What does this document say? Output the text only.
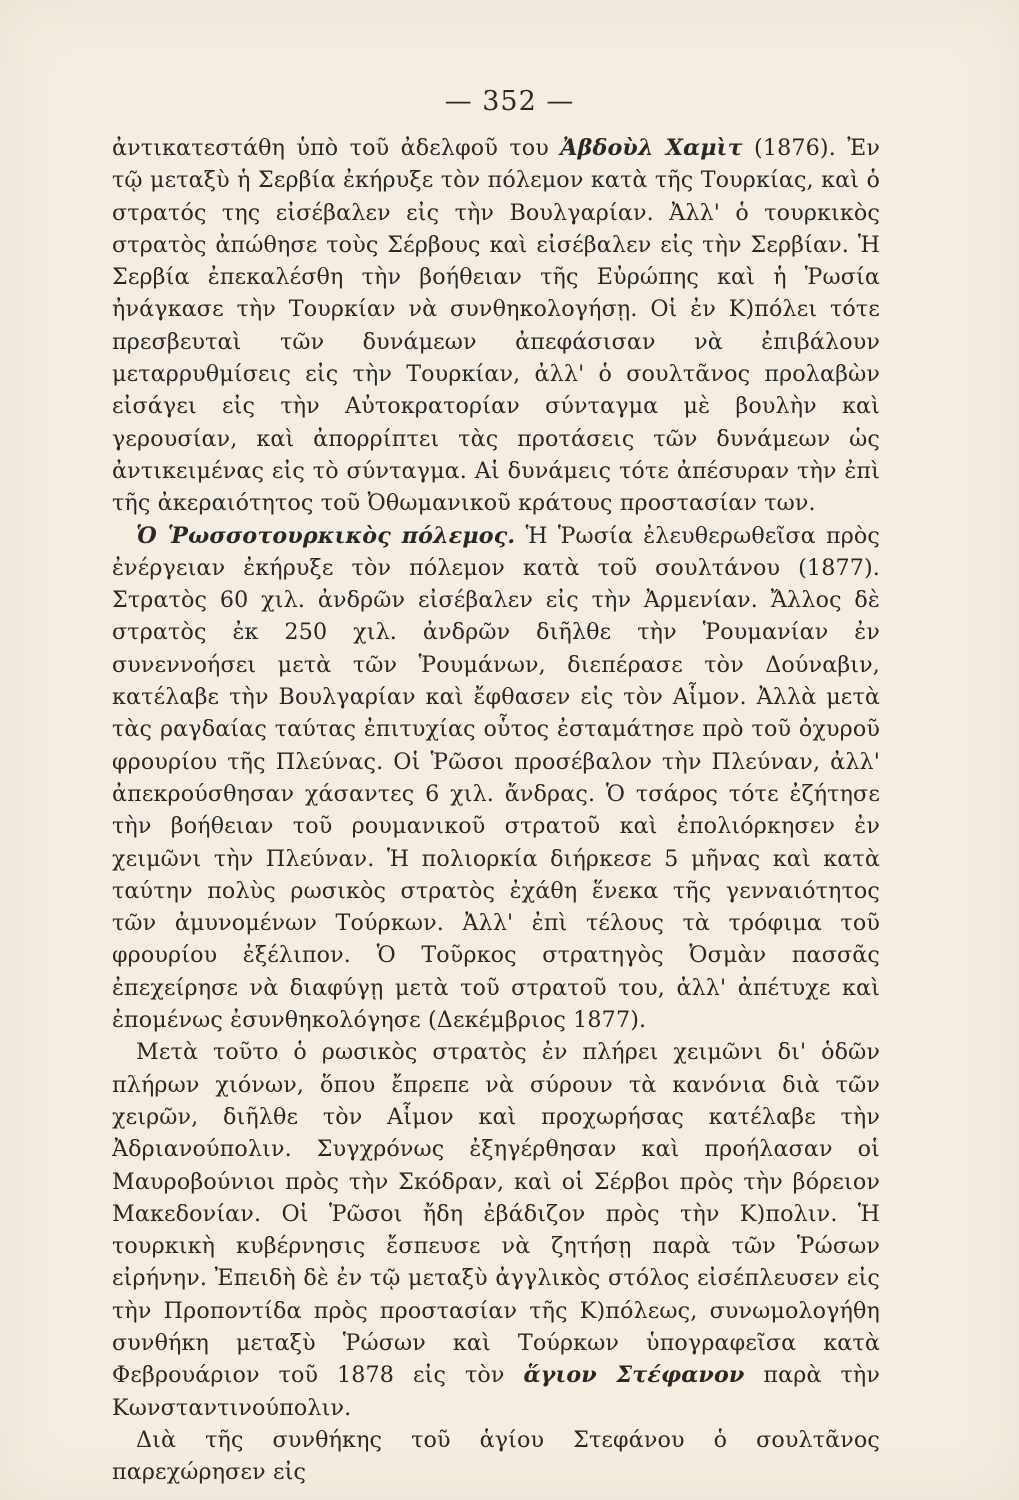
— 352 —

ἀντικατεστάθη ὑπὸ τοῦ ἀδελφοῦ του Ἀβδοὺλ Χαμὶτ (1876). Ἐν τῷ μεταξὺ ἡ Σερβία ἐκήρυξε τὸν πόλεμον κατὰ τῆς Τουρκίας, καὶ ὁ στρατός της εἰσέβαλεν εἰς τὴν Βουλγαρίαν. Ἀλλ' ὁ τουρκικὸς στρατὸς ἀπώθησε τοὺς Σέρβους καὶ εἰσέβαλεν εἰς τὴν Σερβίαν. Ἡ Σερβία ἐπεκαλέσθη τὴν βοήθειαν τῆς Εὐρώπης καὶ ἡ Ῥωσία ἠνάγκασε τὴν Τουρκίαν νὰ συνθηκολογήσῃ. Οἱ ἐν Κ)πόλει τότε πρεσβευταὶ τῶν δυνάμεων ἀπεφάσισαν νὰ ἐπιβάλουν μεταρρυθμίσεις εἰς τὴν Τουρκίαν, ἀλλ' ὁ σουλτᾶνος προλαβὼν εἰσάγει εἰς τὴν Αὐτοκρατορίαν σύνταγμα μὲ βουλὴν καὶ γερουσίαν, καὶ ἀπορρίπτει τὰς προτάσεις τῶν δυνάμεων ὡς ἀντικειμένας εἰς τὸ σύνταγμα. Αἱ δυνάμεις τότε ἀπέσυραν τὴν ἐπὶ τῆς ἀκεραιότητος τοῦ Ὀθωμανικοῦ κράτους προστασίαν των.

Ὁ Ῥωσσοτουρκικὸς πόλεμος. Ἡ Ῥωσία ἐλευθερωθεῖσα πρὸς ἐνέργειαν ἐκήρυξε τὸν πόλεμον κατὰ τοῦ σουλτάνου (1877). Στρατὸς 60 χιλ. ἀνδρῶν εἰσέβαλεν εἰς τὴν Ἀρμενίαν. Ἄλλος δὲ στρατὸς ἐκ 250 χιλ. ἀνδρῶν διῆλθε τὴν Ῥουμανίαν ἐν συνεννοήσει μετὰ τῶν Ῥουμάνων, διεπέρασε τὸν Δούναβιν, κατέλαβε τὴν Βουλγαρίαν καὶ ἔφθασεν εἰς τὸν Αἷμον. Ἀλλὰ μετὰ τὰς ραγδαίας ταύτας ἐπιτυχίας οὗτος ἐσταμάτησε πρὸ τοῦ ὀχυροῦ φρουρίου τῆς Πλεύνας. Οἱ Ῥῶσοι προσέβαλον τὴν Πλεύναν, ἀλλ' ἀπεκρούσθησαν χάσαντες 6 χιλ. ἄνδρας. Ὁ τσάρος τότε ἐζήτησε τὴν βοήθειαν τοῦ ρουμανικοῦ στρατοῦ καὶ ἐπολιόρκησεν ἐν χειμῶνι τὴν Πλεύναν. Ἡ πολιορκία διήρκεσε 5 μῆνας καὶ κατὰ ταύτην πολὺς ρωσικὸς στρατὸς ἐχάθη ἕνεκα τῆς γενναιότητος τῶν ἀμυνομένων Τούρκων. Ἀλλ' ἐπὶ τέλους τὰ τρόφιμα τοῦ φρουρίου ἐξέλιπον. Ὁ Τοῦρκος στρατηγὸς Ὀσμὰν πασσᾶς ἐπεχείρησε νὰ διαφύγῃ μετὰ τοῦ στρατοῦ του, ἀλλ' ἀπέτυχε καὶ ἐπομένως ἐσυνθηκολόγησε (Δεκέμβριος 1877).

Μετὰ τοῦτο ὁ ρωσικὸς στρατὸς ἐν πλήρει χειμῶνι δι' ὁδῶν πλήρων χιόνων, ὅπου ἔπρεπε νὰ σύρουν τὰ κανόνια διὰ τῶν χειρῶν, διῆλθε τὸν Αἷμον καὶ προχωρήσας κατέλαβε τὴν Ἀδριανούπολιν. Συγχρόνως ἐξηγέρθησαν καὶ προήλασαν οἱ Μαυροβούνιοι πρὸς τὴν Σκόδραν, καὶ οἱ Σέρβοι πρὸς τὴν βόρειον Μακεδονίαν. Οἱ Ῥῶσοι ἤδη ἐβάδιζον πρὸς τὴν Κ)πολιν. Ἡ τουρκικὴ κυβέρνησις ἔσπευσε νὰ ζητήσῃ παρὰ τῶν Ῥώσων εἰρήνην. Ἐπειδὴ δὲ ἐν τῷ μεταξὺ ἀγγλικὸς στόλος εἰσέπλευσεν εἰς τὴν Προποντίδα πρὸς προστασίαν τῆς Κ)πόλεως, συνωμολογήθη συνθήκη μεταξὺ Ῥώσων καὶ Τούρκων ὑπογραφεῖσα κατὰ Φεβρουάριον τοῦ 1878 εἰς τὸν ἅγιον Στέφανον παρὰ τὴν Κωνσταντινούπολιν.

Διὰ τῆς συνθήκης τοῦ ἁγίου Στεφάνου ὁ σουλτᾶνος παρεχώρησεν εἰς
